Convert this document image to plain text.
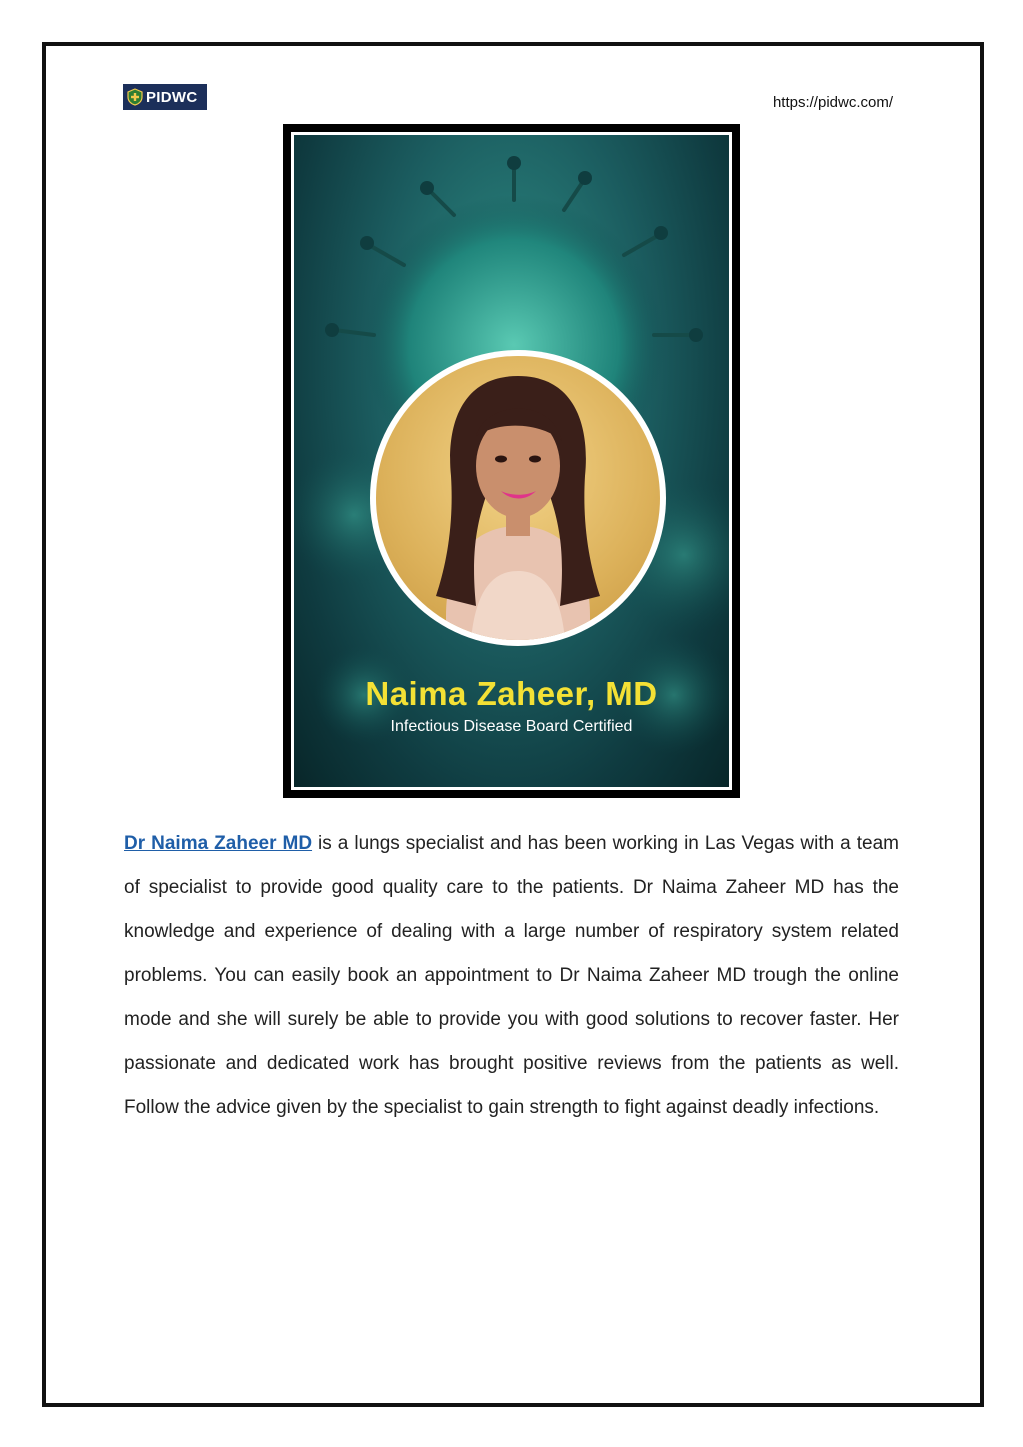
PIDWC	https://pidwc.com/
Naima Zaheer, MD
Infectious Disease Board Certified
Dr Naima Zaheer MD is a lungs specialist and has been working in Las Vegas with a team of specialist to provide good quality care to the patients. Dr Naima Zaheer MD has the knowledge and experience of dealing with a large number of respiratory system related problems. You can easily book an appointment to Dr Naima Zaheer MD trough the online mode and she will surely be able to provide you with good solutions to recover faster. Her passionate and dedicated work has brought positive reviews from the patients as well. Follow the advice given by the specialist to gain strength to fight against deadly infections.
